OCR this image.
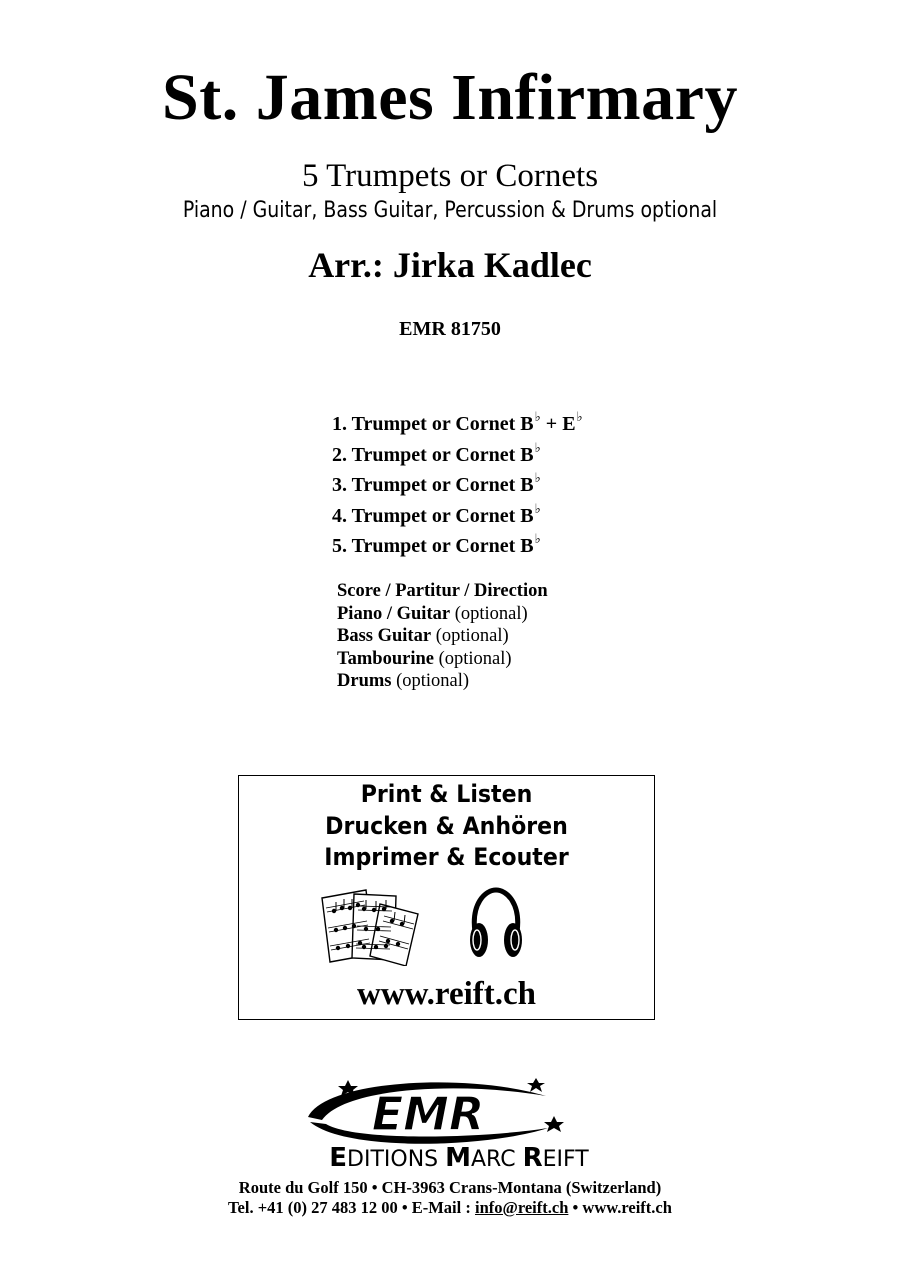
St. James Infirmary
5 Trumpets or Cornets
Piano / Guitar, Bass Guitar, Percussion & Drums optional
Arr.: Jirka Kadlec
EMR 81750
1. Trumpet or Cornet B♭ + E♭
2. Trumpet or Cornet B♭
3. Trumpet or Cornet B♭
4. Trumpet or Cornet B♭
5. Trumpet or Cornet B♭
Score / Partitur / Direction
Piano / Guitar (optional)
Bass Guitar (optional)
Tambourine (optional)
Drums (optional)
Print & Listen
Drucken & Anhören
Imprimer & Ecouter
www.reift.ch
EMR
EDITIONS MARC REIFT
Route du Golf 150 • CH-3963 Crans-Montana (Switzerland)
Tel. +41 (0) 27 483 12 00 • E-Mail : info@reift.ch • www.reift.ch
